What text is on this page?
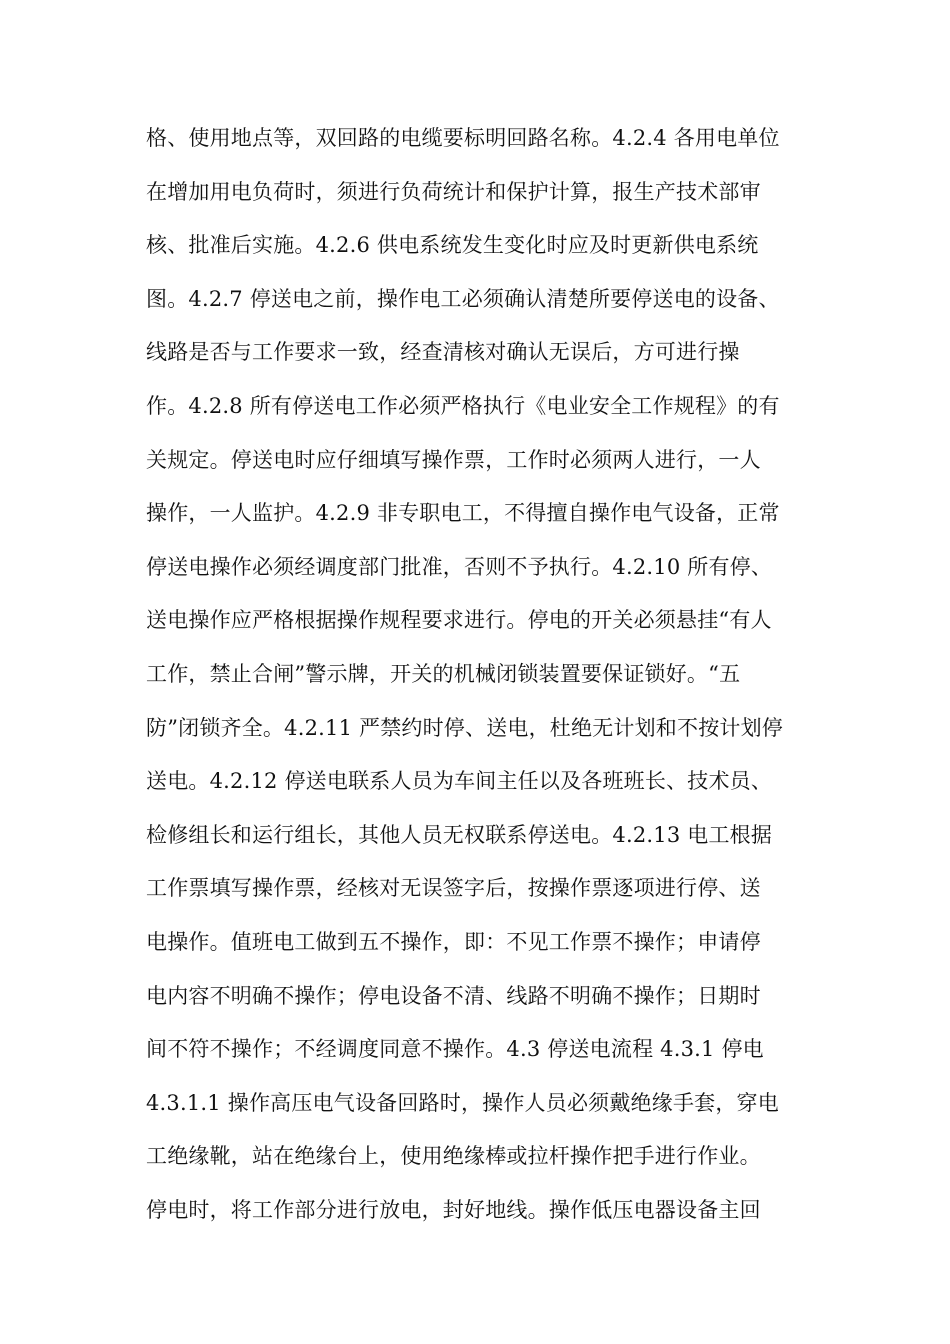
格、使用地点等，双回路的电缆要标明回路名称。4.2.4 各用电单位
在增加用电负荷时，须进行负荷统计和保护计算，报生产技术部审
核、批准后实施。4.2.6 供电系统发生变化时应及时更新供电系统
图。4.2.7 停送电之前，操作电工必须确认清楚所要停送电的设备、
线路是否与工作要求一致，经查清核对确认无误后，方可进行操
作。4.2.8 所有停送电工作必须严格执行《电业安全工作规程》的有
关规定。停送电时应仔细填写操作票，工作时必须两人进行，一人
操作，一人监护。4.2.9 非专职电工，不得擅自操作电气设备，正常
停送电操作必须经调度部门批准，否则不予执行。4.2.10 所有停、
送电操作应严格根据操作规程要求进行。停电的开关必须悬挂“有人
工作，禁止合闸”警示牌，开关的机械闭锁装置要保证锁好。“五
防”闭锁齐全。4.2.11 严禁约时停、送电，杜绝无计划和不按计划停
送电。4.2.12 停送电联系人员为车间主任以及各班班长、技术员、
检修组长和运行组长，其他人员无权联系停送电。4.2.13 电工根据
工作票填写操作票，经核对无误签字后，按操作票逐项进行停、送
电操作。值班电工做到五不操作，即：不见工作票不操作；申请停
电内容不明确不操作；停电设备不清、线路不明确不操作；日期时
间不符不操作；不经调度同意不操作。4.3 停送电流程 4.3.1 停电
4.3.1.1 操作高压电气设备回路时，操作人员必须戴绝缘手套，穿电
工绝缘靴，站在绝缘台上，使用绝缘棒或拉杆操作把手进行作业。
停电时，将工作部分进行放电，封好地线。操作低压电器设备主回
